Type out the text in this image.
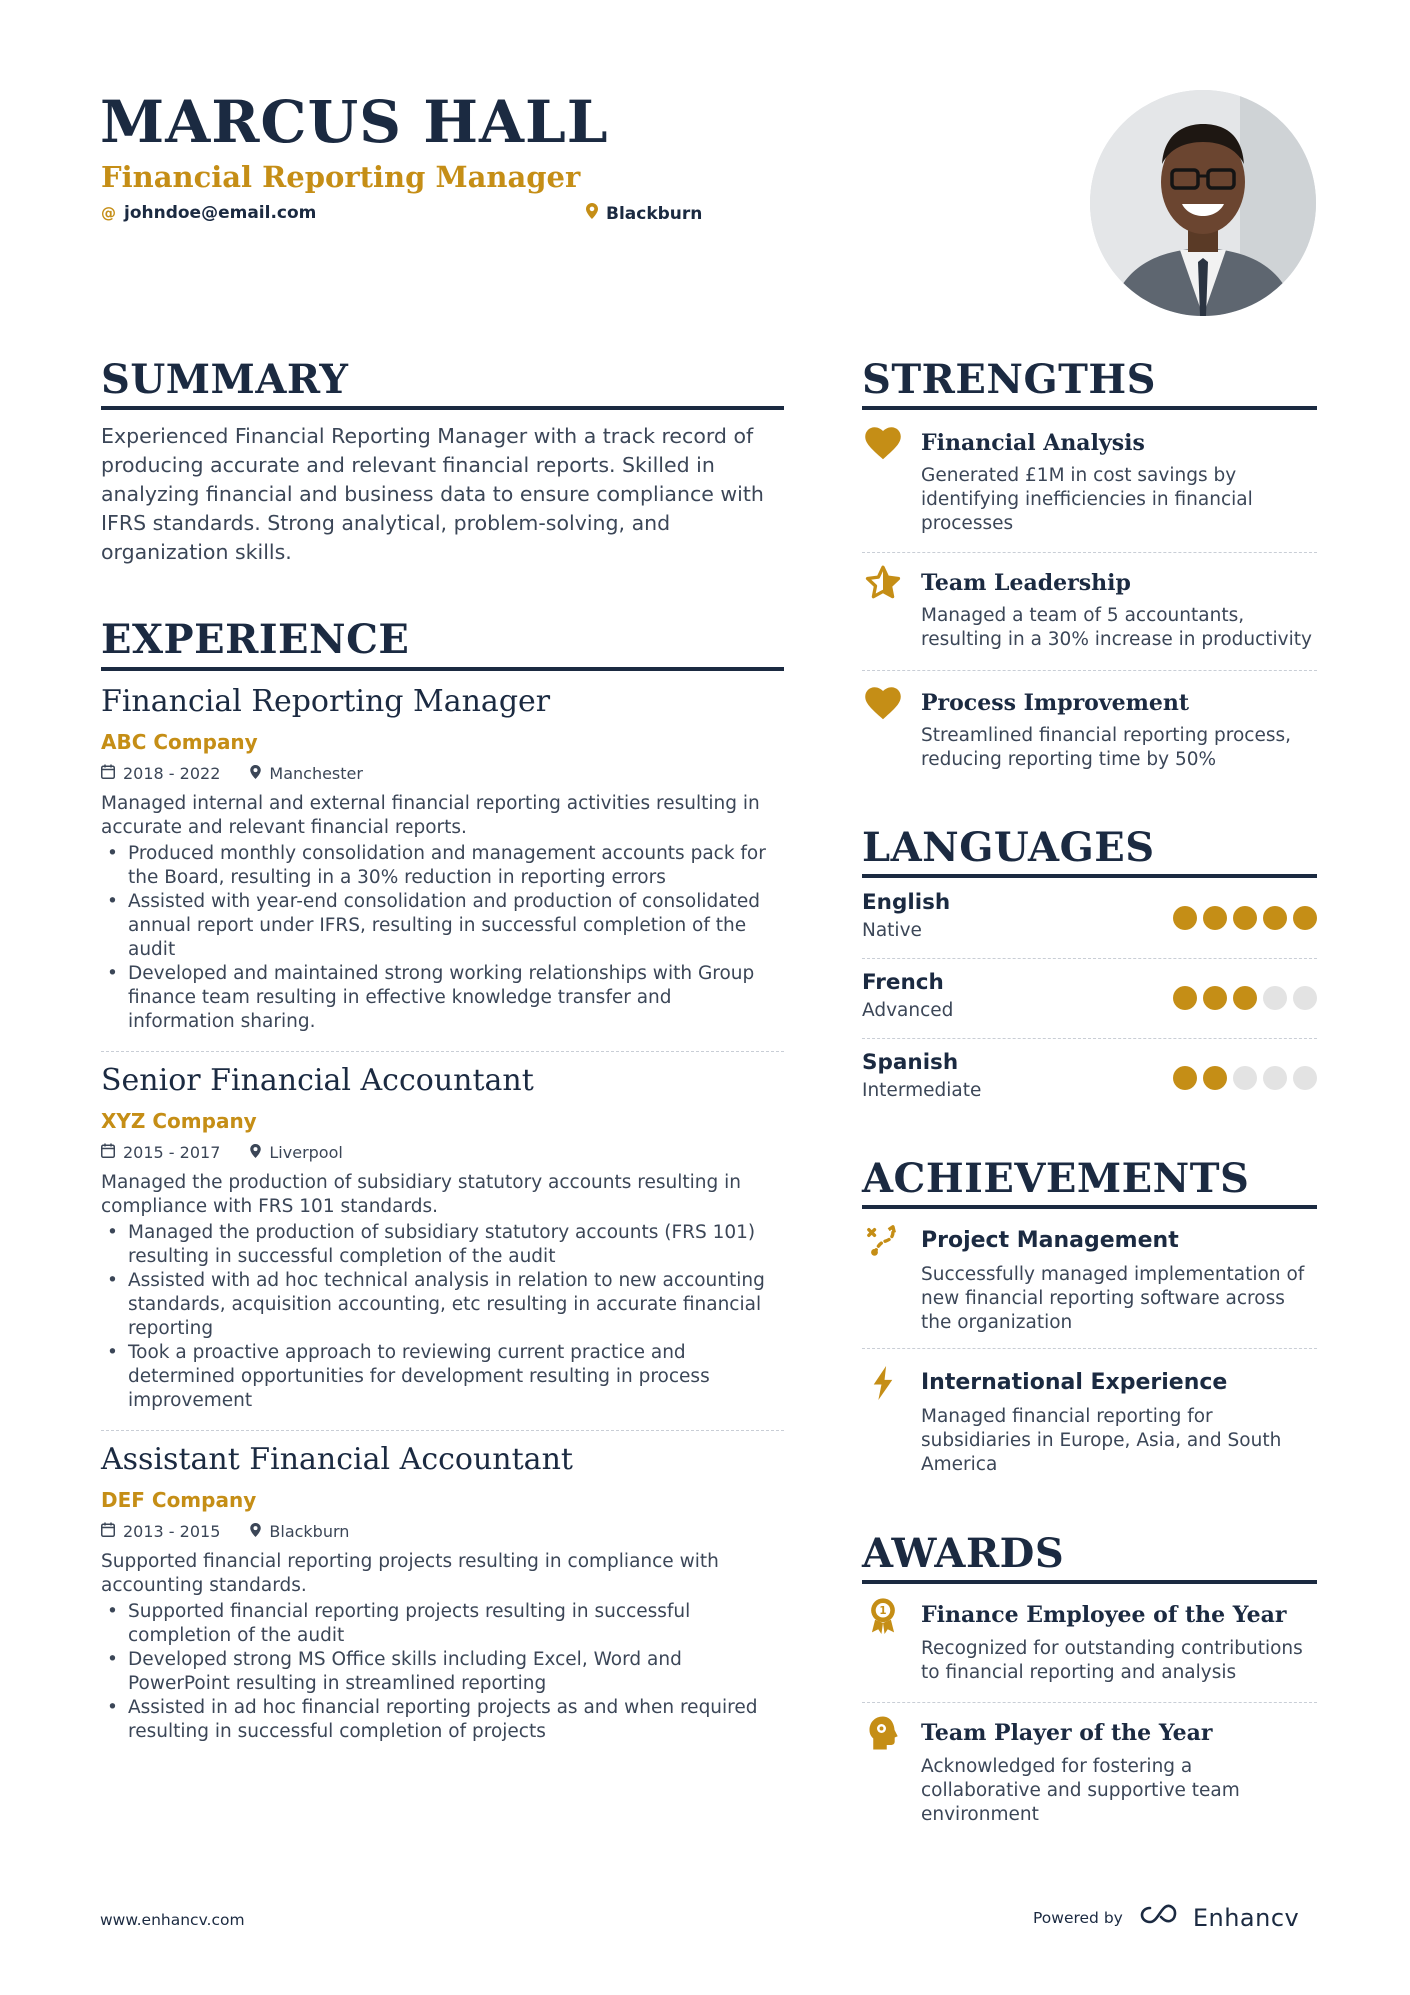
MARCUS HALL
Financial Reporting Manager
@ johndoe@email.com	Blackburn
SUMMARY
Experienced Financial Reporting Manager with a track record of producing accurate and relevant financial reports. Skilled in analyzing financial and business data to ensure compliance with IFRS standards. Strong analytical, problem-solving, and organization skills.
EXPERIENCE
Financial Reporting Manager
ABC Company
2018 - 2022	Manchester
Managed internal and external financial reporting activities resulting in accurate and relevant financial reports.
• Produced monthly consolidation and management accounts pack for the Board, resulting in a 30% reduction in reporting errors
• Assisted with year-end consolidation and production of consolidated annual report under IFRS, resulting in successful completion of the audit
• Developed and maintained strong working relationships with Group finance team resulting in effective knowledge transfer and information sharing.
Senior Financial Accountant
XYZ Company
2015 - 2017	Liverpool
Managed the production of subsidiary statutory accounts resulting in compliance with FRS 101 standards.
• Managed the production of subsidiary statutory accounts (FRS 101) resulting in successful completion of the audit
• Assisted with ad hoc technical analysis in relation to new accounting standards, acquisition accounting, etc resulting in accurate financial reporting
• Took a proactive approach to reviewing current practice and determined opportunities for development resulting in process improvement
Assistant Financial Accountant
DEF Company
2013 - 2015	Blackburn
Supported financial reporting projects resulting in compliance with accounting standards.
• Supported financial reporting projects resulting in successful completion of the audit
• Developed strong MS Office skills including Excel, Word and PowerPoint resulting in streamlined reporting
• Assisted in ad hoc financial reporting projects as and when required resulting in successful completion of projects
STRENGTHS
Financial Analysis
Generated £1M in cost savings by identifying inefficiencies in financial processes
Team Leadership
Managed a team of 5 accountants, resulting in a 30% increase in productivity
Process Improvement
Streamlined financial reporting process, reducing reporting time by 50%
LANGUAGES
English
Native
French
Advanced
Spanish
Intermediate
ACHIEVEMENTS
Project Management
Successfully managed implementation of new financial reporting software across the organization
International Experience
Managed financial reporting for subsidiaries in Europe, Asia, and South America
AWARDS
1 Finance Employee of the Year
Recognized for outstanding contributions to financial reporting and analysis
Team Player of the Year
Acknowledged for fostering a collaborative and supportive team environment
www.enhancv.com	Powered by	Enhancv
